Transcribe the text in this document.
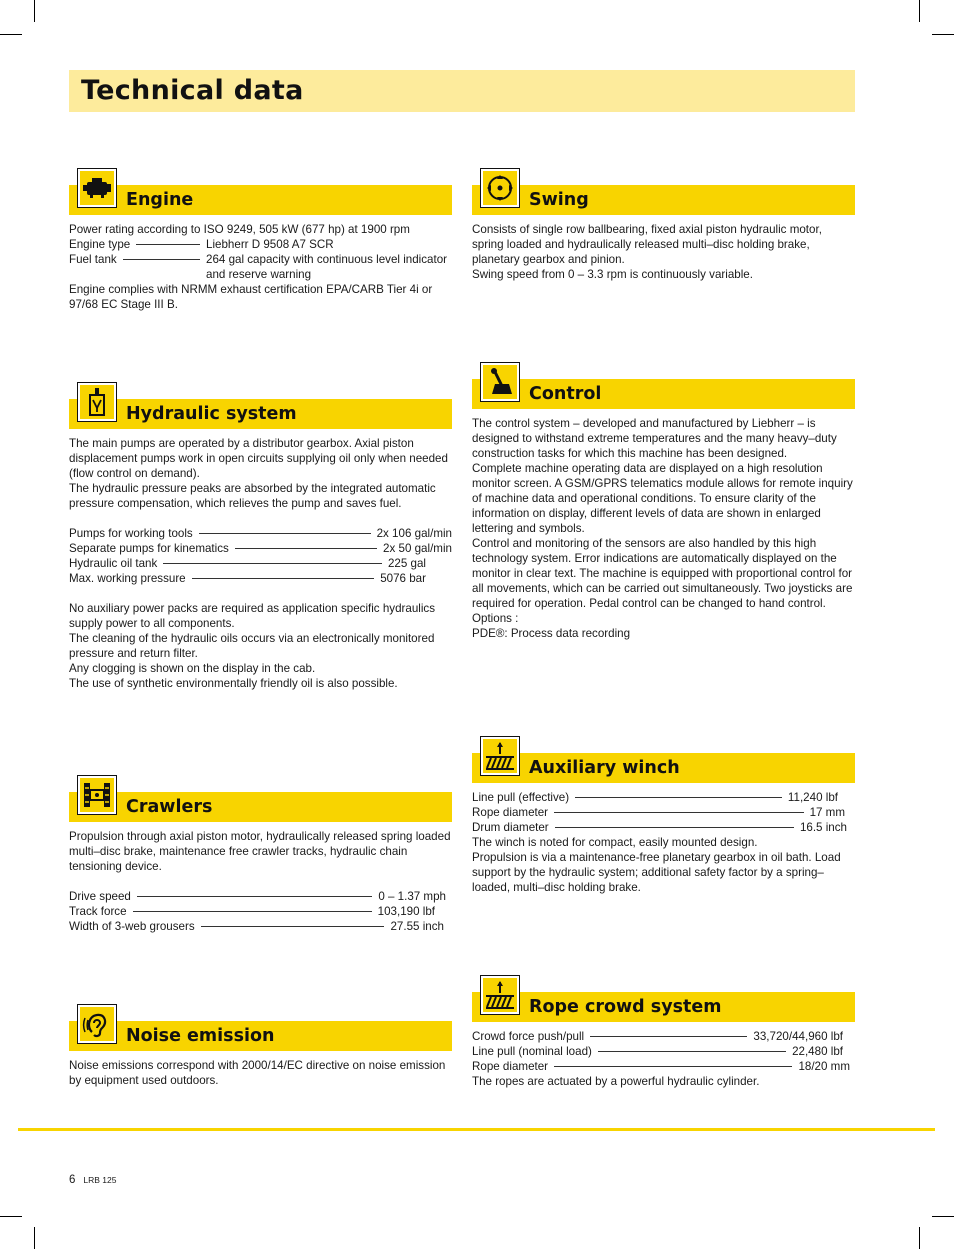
Technical data
Engine

Power rating according to ISO 9249, 505 kW (677 hp) at 1900 rpm

Engine type	Liebherr D 9508 A7 SCR
Fuel tank	264 gal capacity with continuous level indicator and reserve warning

Engine complies with NRMM exhaust certification EPA/CARB Tier 4i or 97/68 EC Stage III B.

Swing

Consists of single row ballbearing, fixed axial piston hydraulic motor, spring loaded and hydraulically released multi–disc holding brake, planetary gearbox and pinion.

Swing speed from 0 – 3.3 rpm is continuously variable.

Hydraulic system

The main pumps are operated by a distributor gearbox. Axial piston displacement pumps work in open circuits supplying oil only when needed (flow control on demand).

The hydraulic pressure peaks are absorbed by the integrated automatic pressure compensation, which relieves the pump and saves fuel.

Pumps for working tools	2x 106 gal/min
Separate pumps for kinematics	2x 50 gal/min
Hydraulic oil tank	225 gal
Max. working pressure	5076 bar

No auxiliary power packs are required as application specific hydraulics supply power to all components.

The cleaning of the hydraulic oils occurs via an electronically monitored pressure and return filter.

Any clogging is shown on the display in the cab.

The use of synthetic environmentally friendly oil is also possible.

Control

The control system – developed and manufactured by Liebherr – is designed to withstand extreme temperatures and the many heavy–duty construction tasks for which this machine has been designed.

Complete machine operating data are displayed on a high resolution monitor screen. A GSM/GPRS telematics module allows for remote inquiry of machine data and operational conditions. To ensure clarity of the information on display, different levels of data are shown in enlarged lettering and symbols.

Control and monitoring of the sensors are also handled by this high technology system. Error indications are automatically displayed on the monitor in clear text. The machine is equipped with proportional control for all movements, which can be carried out simultaneously. Two joysticks are required for operation. Pedal control can be changed to hand control.

Options :

PDE®: Process data recording

Crawlers

Propulsion through axial piston motor, hydraulically released spring loaded multi–disc brake, maintenance free crawler tracks, hydraulic chain tensioning device.

Drive speed	0 – 1.37 mph
Track force	103,190 lbf
Width of 3-web grousers	27.55 inch
Auxiliary winch
Line pull (effective)	11,240 lbf
Rope diameter	17 mm
Drum diameter	16.5 inch

The winch is noted for compact, easily mounted design.

Propulsion is via a maintenance-free planetary gearbox in oil bath. Load support by the hydraulic system; additional safety factor by a spring–loaded, multi–disc holding brake.

Noise emission

Noise emissions correspond with 2000/14/EC directive on noise emission by equipment used outdoors.

Rope crowd system
Crowd force push/pull	33,720/44,960 lbf
Line pull (nominal load)	22,480 lbf
Rope diameter	18/20 mm

The ropes are actuated by a powerful hydraulic cylinder.

6 LRB 125
